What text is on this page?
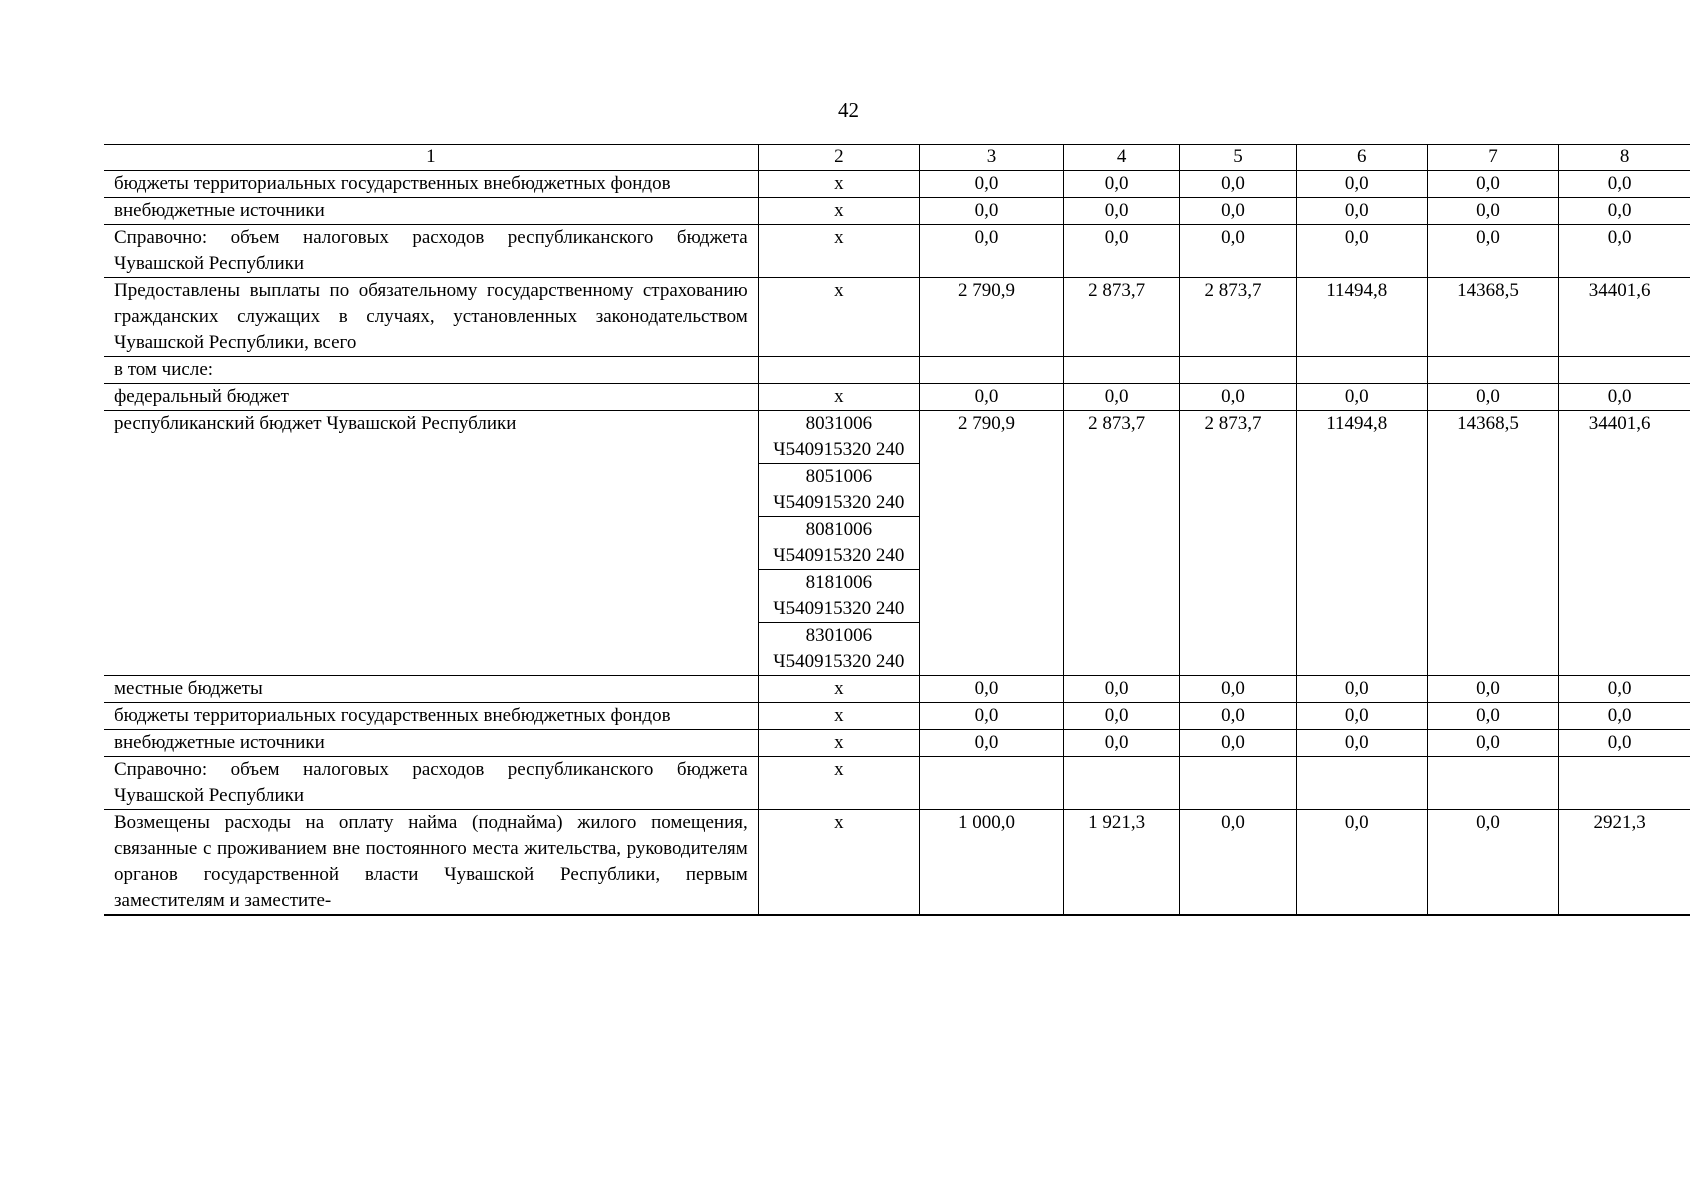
42
1	2	3	4	5	6	7	8
бюджеты территориальных государственных внебюджетных фондов	х	0,0	0,0	0,0	0,0	0,0	0,0
внебюджетные источники	х	0,0	0,0	0,0	0,0	0,0	0,0
Справочно: объем налоговых расходов республиканского бюджета Чувашской Республики	х	0,0	0,0	0,0	0,0	0,0	0,0
Предоставлены выплаты по обязательному государственному страхованию гражданских служащих в случаях, установленных законодательством Чувашской Республики, всего	х	2 790,9	2 873,7	2 873,7	11494,8	14368,5	34401,6
в том числе:							
федеральный бюджет	х	0,0	0,0	0,0	0,0	0,0	0,0
республиканский бюджет Чувашской Республики	8031006 Ч540915320 240	2 790,9	2 873,7	2 873,7	11494,8	14368,5	34401,6
	8051006 Ч540915320 240						
	8081006 Ч540915320 240						
	8181006 Ч540915320 240						
	8301006 Ч540915320 240						
местные бюджеты	х	0,0	0,0	0,0	0,0	0,0	0,0
бюджеты территориальных государственных внебюджетных фондов	х	0,0	0,0	0,0	0,0	0,0	0,0
внебюджетные источники	х	0,0	0,0	0,0	0,0	0,0	0,0
Справочно: объем налоговых расходов республиканского бюджета Чувашской Республики	х						
Возмещены расходы на оплату найма (поднайма) жилого помещения, связанные с проживанием вне постоянного места жительства, руководителям органов государственной власти Чувашской Республики, первым заместителям и заместите-	х	1 000,0	1 921,3	0,0	0,0	0,0	2921,3
